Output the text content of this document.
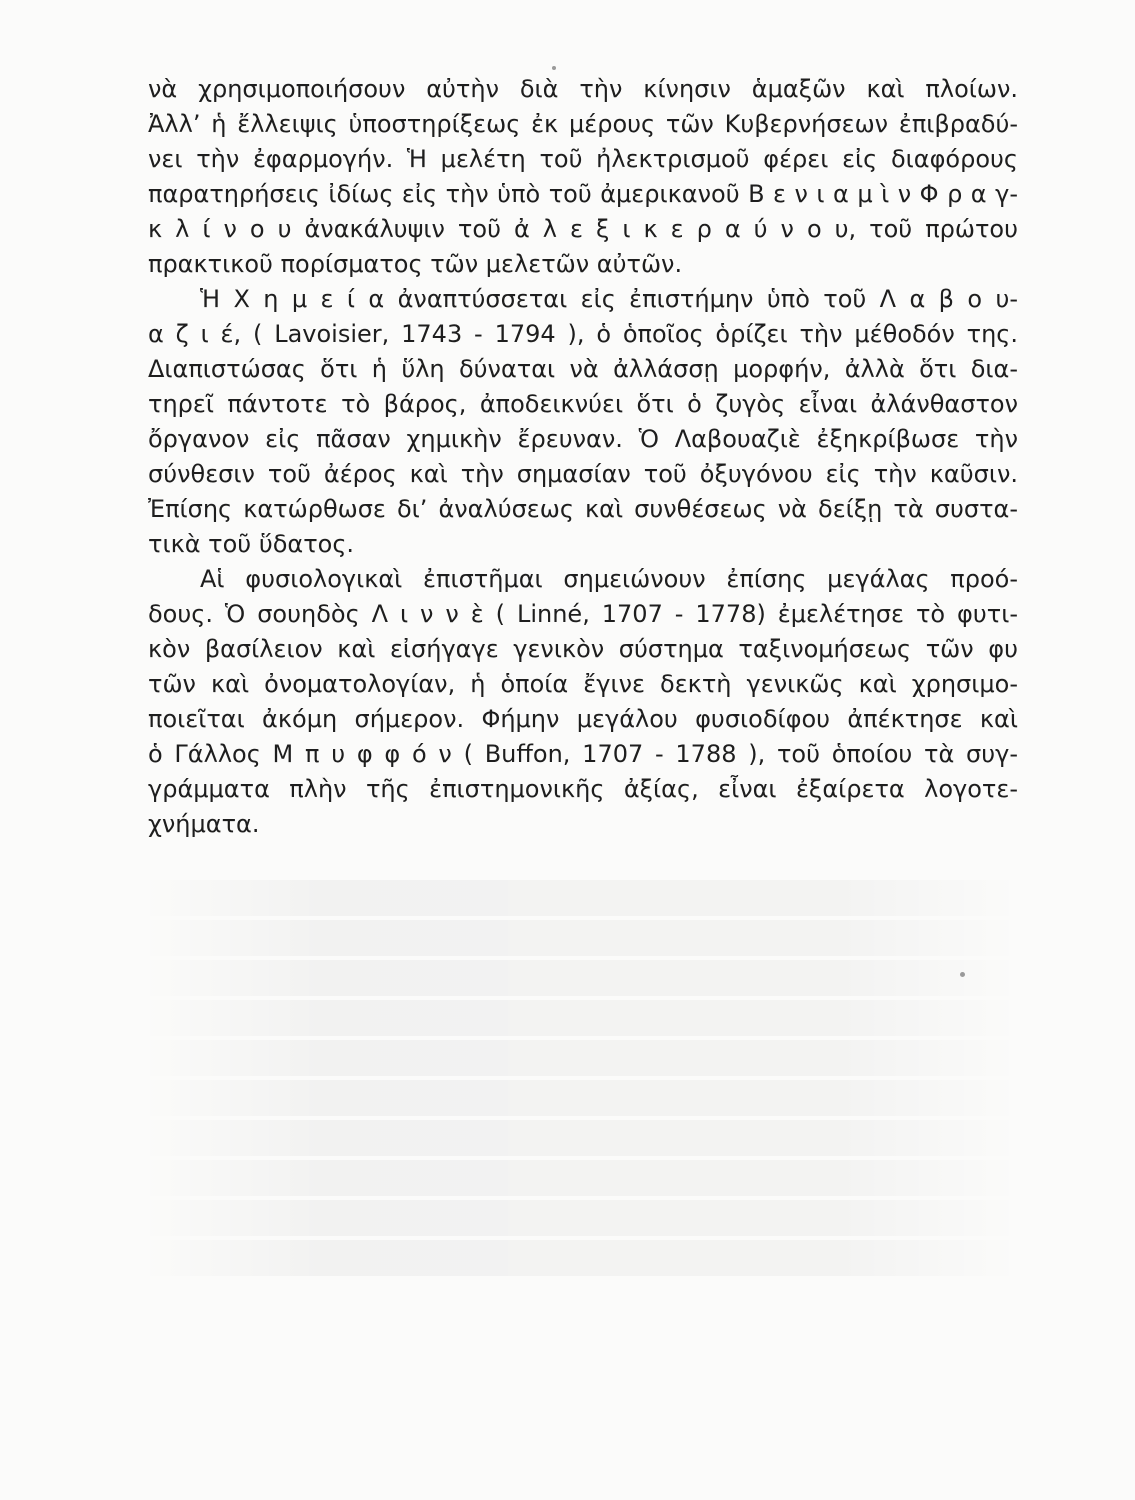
νὰ χρησιμοποιήσουν αὐτὴν διὰ τὴν κίνησιν ἁμαξῶν καὶ πλοίων.
Ἀλλ’ ἡ ἔλλειψις ὑποστηρίξεως ἐκ μέρους τῶν Κυβερνήσεων ἐπιβραδύ-
νει τὴν ἐφαρμογήν. Ἡ μελέτη τοῦ ἠλεκτρισμοῦ φέρει εἰς διαφόρους
παρατηρήσεις ἰδίως εἰς τὴν ὑπὸ τοῦ ἀμερικανοῦ Β ε ν ι α μ ὶ ν Φ ρ α γ-
κ λ ί ν ο υ ἀνακάλυψιν τοῦ ἀ λ ε ξ ι κ ε ρ α ύ ν ο υ, τοῦ πρώτου
πρακτικοῦ πορίσματος τῶν μελετῶν αὐτῶν.
Ἡ Χ η μ ε ί α ἀναπτύσσεται εἰς ἐπιστήμην ὑπὸ τοῦ Λ α β ο υ-
α ζ ι έ, ( Lavoisier, 1743 - 1794 ), ὁ ὁποῖος ὁρίζει τὴν μέθοδόν της.
Διαπιστώσας ὅτι ἡ ὕλη δύναται νὰ ἀλλάσσῃ μορφήν, ἀλλὰ ὅτι δια-
τηρεῖ πάντοτε τὸ βάρος, ἀποδεικνύει ὅτι ὁ ζυγὸς εἶναι ἀλάνθαστον
ὄργανον εἰς πᾶσαν χημικὴν ἔρευναν. Ὁ Λαβουαζιὲ ἐξηκρίβωσε τὴν
σύνθεσιν τοῦ ἀέρος καὶ τὴν σημασίαν τοῦ ὀξυγόνου εἰς τὴν καῦσιν.
Ἐπίσης κατώρθωσε δι’ ἀναλύσεως καὶ συνθέσεως νὰ δείξῃ τὰ συστα-
τικὰ τοῦ ὕδατος.
Αἱ φυσιολογικαὶ ἐπιστῆμαι σημειώνουν ἐπίσης μεγάλας προό-
δους. Ὁ σουηδὸς Λ ι ν ν ὲ ( Linné, 1707 - 1778) ἐμελέτησε τὸ φυτι-
κὸν βασίλειον καὶ εἰσήγαγε γενικὸν σύστημα ταξινομήσεως τῶν φυ
τῶν καὶ ὀνοματολογίαν, ἡ ὁποία ἔγινε δεκτὴ γενικῶς καὶ χρησιμο-
ποιεῖται ἀκόμη σήμερον. Φήμην μεγάλου φυσιοδίφου ἀπέκτησε καὶ
ὁ Γάλλος Μ π υ φ φ ό ν ( Buffon, 1707 - 1788 ), τοῦ ὁποίου τὰ συγ-
γράμματα πλὴν τῆς ἐπιστημονικῆς ἀξίας, εἶναι ἐξαίρετα λογοτε-
χνήματα.
